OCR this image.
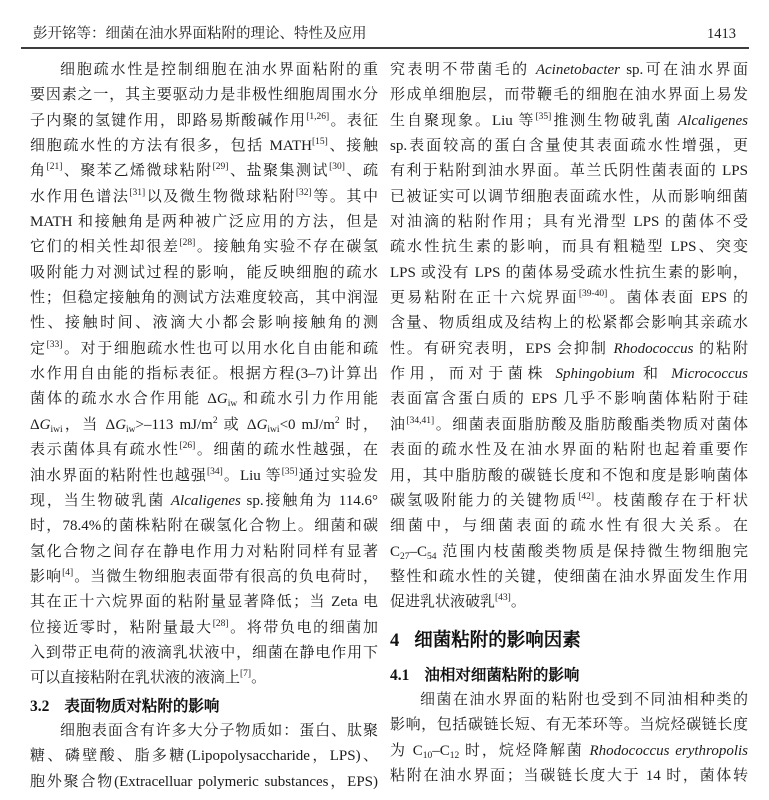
彭开铭等：细菌在油水界面粘附的理论、特性及应用	1413
细胞疏水性是控制细胞在油水界面粘附的重
要因素之一，其主要驱动力是非极性细胞周围水分
子内聚的氢键作用，即路易斯酸碱作用[1,26]。表征
细胞疏水性的方法有很多，包括 MATH[15]、接触
角[21]、聚苯乙烯微球粘附[29]、盐聚集测试[30]、疏
水作用色谱法[31]以及微生物微球粘附[32]等。其中
MATH 和接触角是两种被广泛应用的方法，但是
它们的相关性却很差[28]。接触角实验不存在碳氢
吸附能力对测试过程的影响，能反映细胞的疏水
性；但稳定接触角的测试方法难度较高，其中润湿
性、接触时间、液滴大小都会影响接触角的测
定[33]。对于细胞疏水性也可以用水化自由能和疏
水作用自由能的指标表征。根据方程(3–7)计算出
菌体的疏水水合作用能 $\Delta G_{iw}$ 和疏水引力作用能
$\Delta G_{iwi}$，当 $\Delta G_{iw}>-113$ $mJ/m^2$ 或 $\Delta G_{iwi}<0$ $mJ/m^2$ 时，
表示菌体具有疏水性[26]。细菌的疏水性越强，在
油水界面的粘附性也越强[34]。Liu 等[35]通过实验发
现，当生物破乳菌 Alcaligenes sp.接触角为 114.6°
时，78.4%的菌株粘附在碳氢化合物上。细菌和碳
氢化合物之间存在静电作用力对粘附同样有显著
影响[4]。当微生物细胞表面带有很高的负电荷时，
其在正十六烷界面的粘附量显著降低；当 Zeta 电
位接近零时，粘附量最大[28]。将带负电的细菌加
入到带正电荷的液滴乳状液中，细菌在静电作用下
可以直接粘附在乳状液的液滴上[7]。
3.2 表面物质对粘附的影响
细胞表面含有许多大分子物质如：蛋白、肽聚
糖、磷壁酸、脂多糖(Lipopolysaccharide，LPS)、
胞外聚合物(Extracelluar polymeric substances，EPS)
究表明不带菌毛的 Acinetobacter sp.可在油水界面
形成单细胞层，而带鞭毛的细胞在油水界面上易发
生自聚现象。Liu 等[35]推测生物破乳菌 Alcaligenes
sp.表面较高的蛋白含量使其表面疏水性增强，更
有利于粘附到油水界面。革兰氏阴性菌表面的 LPS
已被证实可以调节细胞表面疏水性，从而影响细菌
对油滴的粘附作用；具有光滑型 LPS 的菌体不受
疏水性抗生素的影响，而具有粗糙型 LPS、突变
LPS 或没有 LPS 的菌体易受疏水性抗生素的影响，
更易粘附在正十六烷界面[39-40]。菌体表面 EPS 的
含量、物质组成及结构上的松紧都会影响其亲疏水
性。有研究表明，EPS 会抑制 Rhodococcus 的粘附
作用，而对于菌株 Sphingobium 和 Micrococcus
表面富含蛋白质的 EPS 几乎不影响菌体粘附于硅
油[34,41]。细菌表面脂肪酸及脂肪酸酯类物质对菌体
表面的疏水性及在油水界面的粘附也起着重要作
用，其中脂肪酸的碳链长度和不饱和度是影响菌体
碳氢吸附能力的关键物质[42]。枝菌酸存在于杆状
细菌中，与细菌表面的疏水性有很大关系。在
$C_{27}-C_{54}$ 范围内枝菌酸类物质是保持微生物细胞完
整性和疏水性的关键，使细菌在油水界面发生作用
促进乳状液破乳[43]。
4 细菌粘附的影响因素
4.1 油相对细菌粘附的影响
细菌在油水界面的粘附也受到不同油相种类的
影响，包括碳链长短、有无苯环等。当烷烃碳链长度
为 $C_{10}-C_{12}$ 时，烷烃降解菌 Rhodococcus erythropolis
粘附在油水界面；当碳链长度大于 14 时，菌体转
